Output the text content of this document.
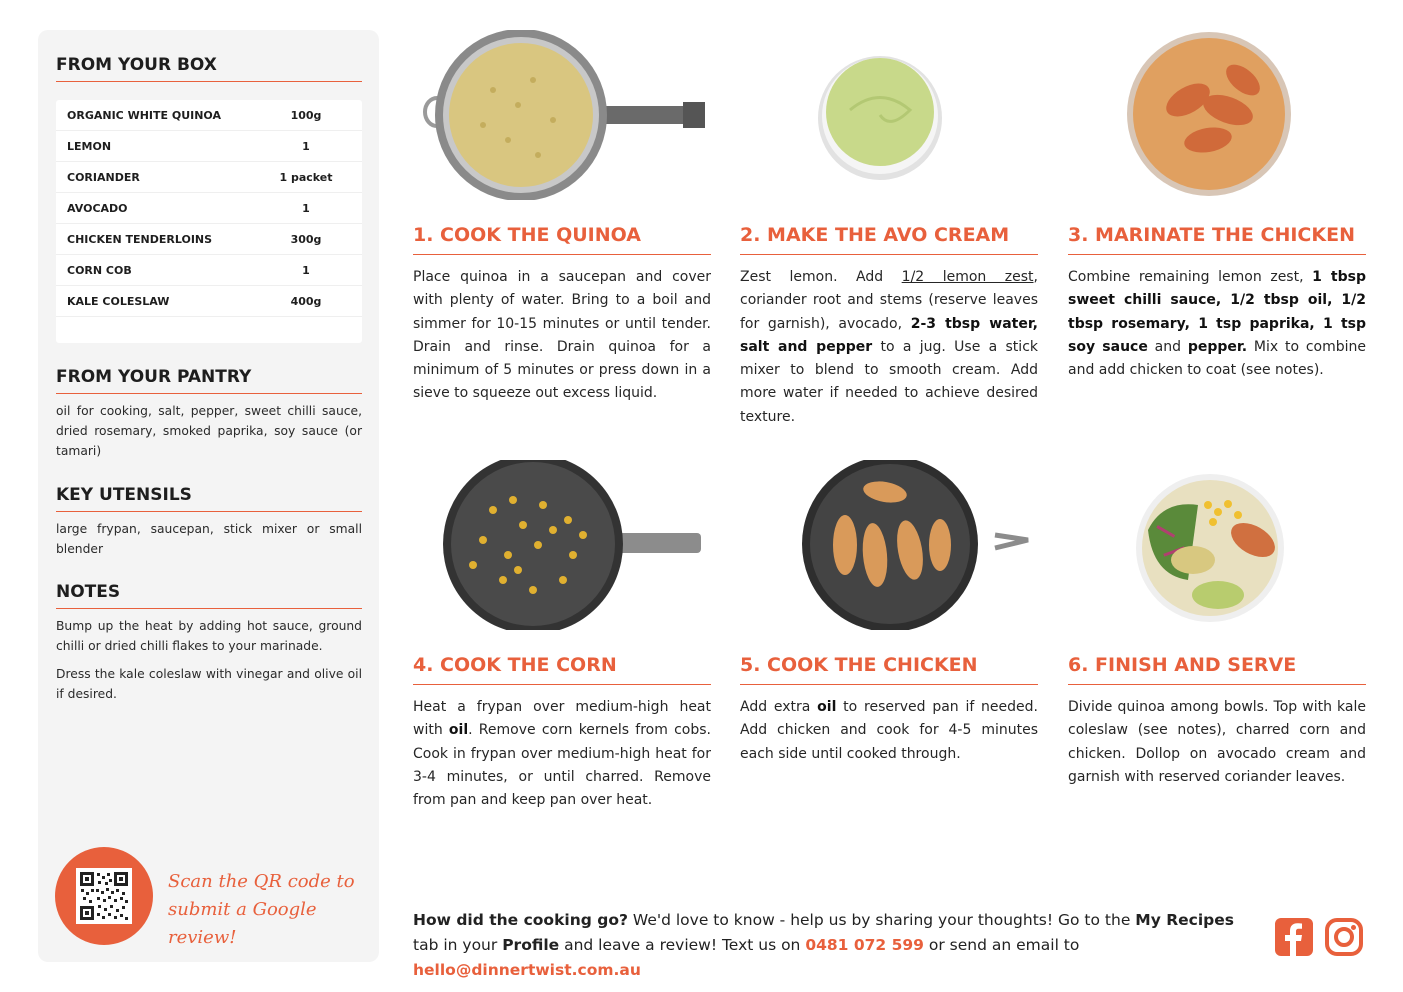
FROM YOUR BOX
ORGANIC WHITE QUINOA	100g
LEMON	1
CORIANDER	1 packet
AVOCADO	1
CHICKEN TENDERLOINS	300g
CORN COB	1
KALE COLESLAW	400g
FROM YOUR PANTRY
oil for cooking, salt, pepper, sweet chilli sauce, dried rosemary, smoked paprika, soy sauce (or tamari)
KEY UTENSILS
large frypan, saucepan, stick mixer or small blender
NOTES
Bump up the heat by adding hot sauce, ground chilli or dried chilli flakes to your marinade.
Dress the kale coleslaw with vinegar and olive oil if desired.
Scan the QR code to
submit a Google review!
1. COOK THE QUINOA
Place quinoa in a saucepan and cover with plenty of water. Bring to a boil and simmer for 10-15 minutes or until tender. Drain and rinse. Drain quinoa for a minimum of 5 minutes or press down in a sieve to squeeze out excess liquid.
2. MAKE THE AVO CREAM
Zest lemon. Add 1/2 lemon zest, coriander root and stems (reserve leaves for garnish), avocado, 2-3 tbsp water, salt and pepper to a jug. Use a stick mixer to blend to smooth cream. Add more water if needed to achieve desired texture.
3. MARINATE THE CHICKEN
Combine remaining lemon zest, 1 tbsp sweet chilli sauce, 1/2 tbsp oil, 1/2 tbsp rosemary, 1 tsp paprika, 1 tsp soy sauce and pepper. Mix to combine and add chicken to coat (see notes).
4. COOK THE CORN
Heat a frypan over medium-high heat with oil. Remove corn kernels from cobs. Cook in frypan over medium-high heat for 3-4 minutes, or until charred. Remove from pan and keep pan over heat.
5. COOK THE CHICKEN
Add extra oil to reserved pan if needed. Add chicken and cook for 4-5 minutes each side until cooked through.
6. FINISH AND SERVE
Divide quinoa among bowls. Top with kale coleslaw (see notes), charred corn and chicken. Dollop on avocado cream and garnish with reserved coriander leaves.
How did the cooking go? We'd love to know - help us by sharing your thoughts! Go to the My Recipes tab in your Profile and leave a review! Text us on 0481 072 599 or send an email to hello@dinnertwist.com.au
